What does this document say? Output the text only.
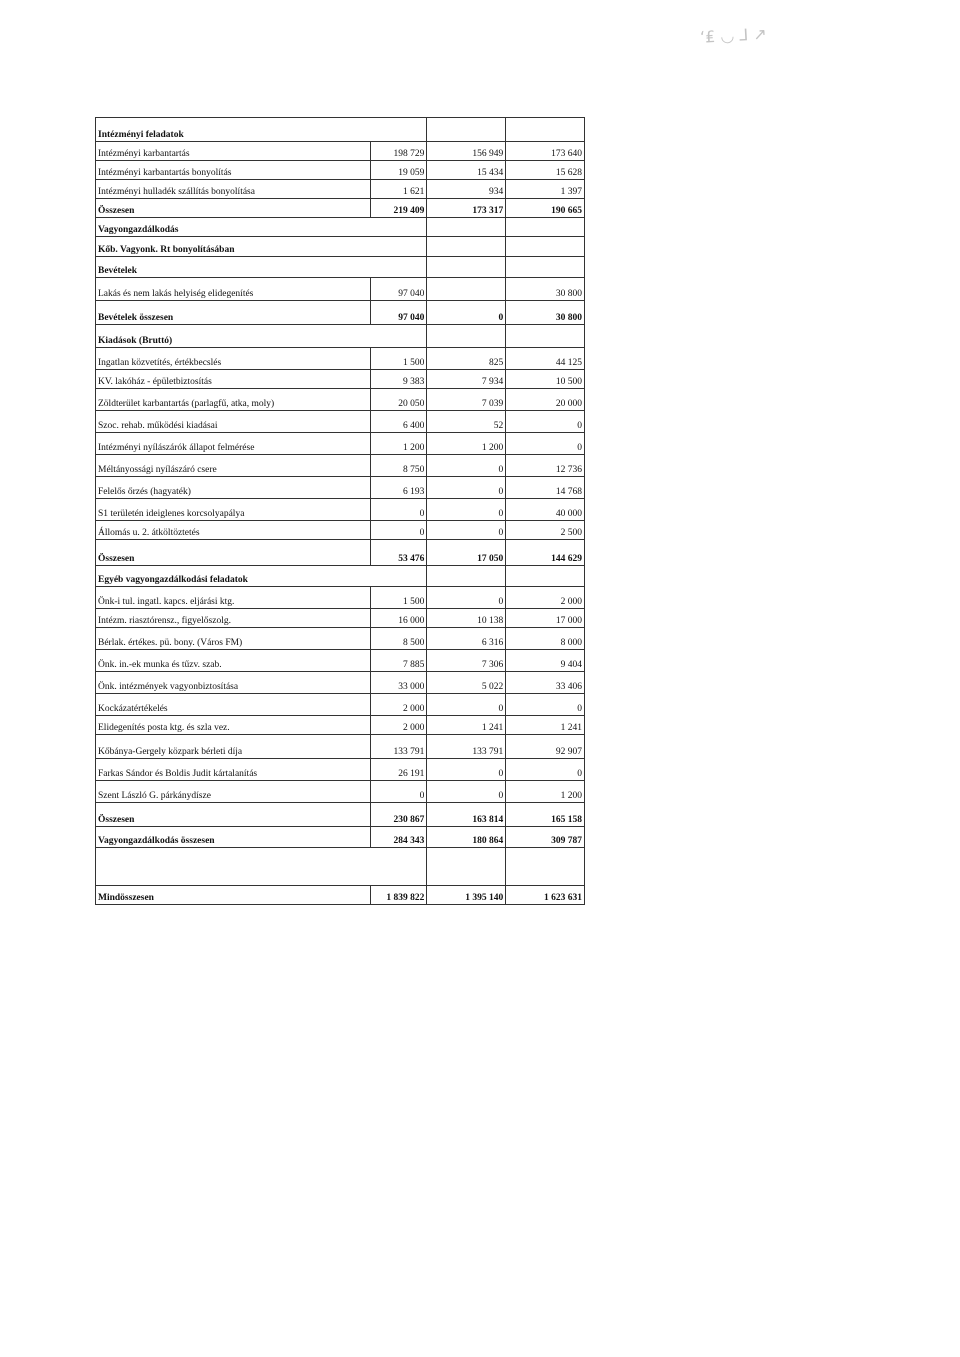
ʻ₤ ◡ ⅃ ↗
Intézményi feladatok			
Intézményi karbantartás	198 729	156 949	173 640
Intézményi karbantartás bonyolítás	19 059	15 434	15 628
Intézményi hulladék szállítás bonyolítása	1 621	934	1 397
Összesen	219 409	173 317	190 665
Vagyongazdálkodás			
Kőb. Vagyonk. Rt bonyolításában			
Bevételek			
Lakás és nem lakás helyiség elidegenítés	97 040		30 800
Bevételek összesen	97 040	0	30 800
Kiadások (Bruttó)			
Ingatlan közvetítés, értékbecslés	1 500	825	44 125
KV. lakóház - épületbiztosítás	9 383	7 934	10 500
Zöldterület karbantartás (parlagfű, atka, moly)	20 050	7 039	20 000
Szoc. rehab. működési kiadásai	6 400	52	0
Intézményi nyílászárók állapot felmérése	1 200	1 200	0
Méltányossági nyílászáró csere	8 750	0	12 736
Felelős őrzés (hagyaték)	6 193	0	14 768
S1 területén ideiglenes korcsolyapálya	0	0	40 000
Állomás u. 2. átköltöztetés	0	0	2 500
Összesen	53 476	17 050	144 629
Egyéb vagyongazdálkodási feladatok			
Önk-i tul. ingatl. kapcs. eljárási ktg.	1 500	0	2 000
Intézm. riasztórensz., figyelőszolg.	16 000	10 138	17 000
Bérlak. értékes. pü. bony. (Város FM)	8 500	6 316	8 000
Önk. in.-ek munka és tűzv. szab.	7 885	7 306	9 404
Önk. intézmények vagyonbiztosítása	33 000	5 022	33 406
Kockázatértékelés	2 000	0	0
Elidegenítés posta ktg. és szla vez.	2 000	1 241	1 241
Kőbánya-Gergely közpark bérleti díja	133 791	133 791	92 907
Farkas Sándor és Boldis Judit kártalanítás	26 191	0	0
Szent László G. párkánydísze	0	0	1 200
Összesen	230 867	163 814	165 158
Vagyongazdálkodás összesen	284 343	180 864	309 787

Mindösszesen	1 839 822	1 395 140	1 623 631
